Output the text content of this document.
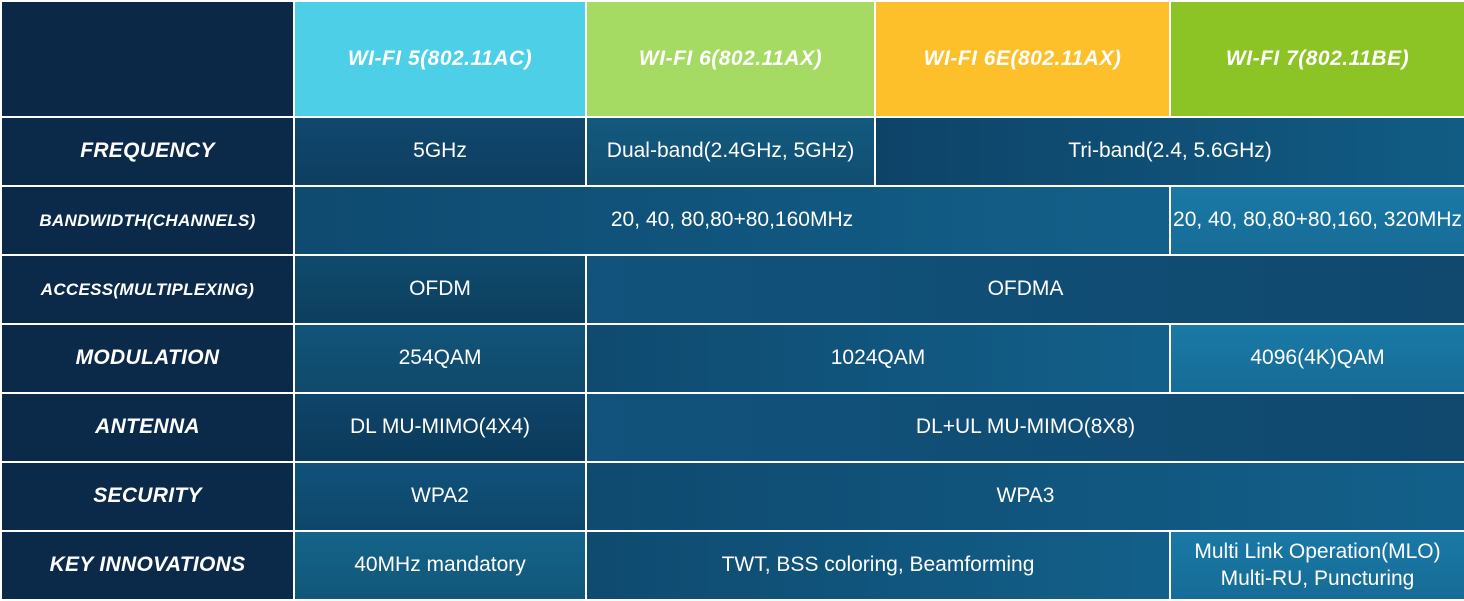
	WI-FI 5(802.11AC)	WI-FI 6(802.11AX)	WI-FI 6E(802.11AX)	WI-FI 7(802.11BE)
FREQUENCY	5GHz	Dual-band(2.4GHz, 5GHz)	Tri-band(2.4, 5.6GHz)	
BANDWIDTH(CHANNELS)	20, 40, 80,80+80,160MHz			20, 40, 80,80+80,160, 320MHz
ACCESS(MULTIPLEXING)	OFDM	OFDMA		
MODULATION	254QAM	1024QAM		4096(4K)QAM
ANTENNA	DL MU-MIMO(4X4)	DL+UL MU-MIMO(8X8)		
SECURITY	WPA2	WPA3		
KEY INNOVATIONS	40MHz mandatory	TWT, BSS coloring, Beamforming		Multi Link Operation(MLO) Multi-RU, Puncturing
